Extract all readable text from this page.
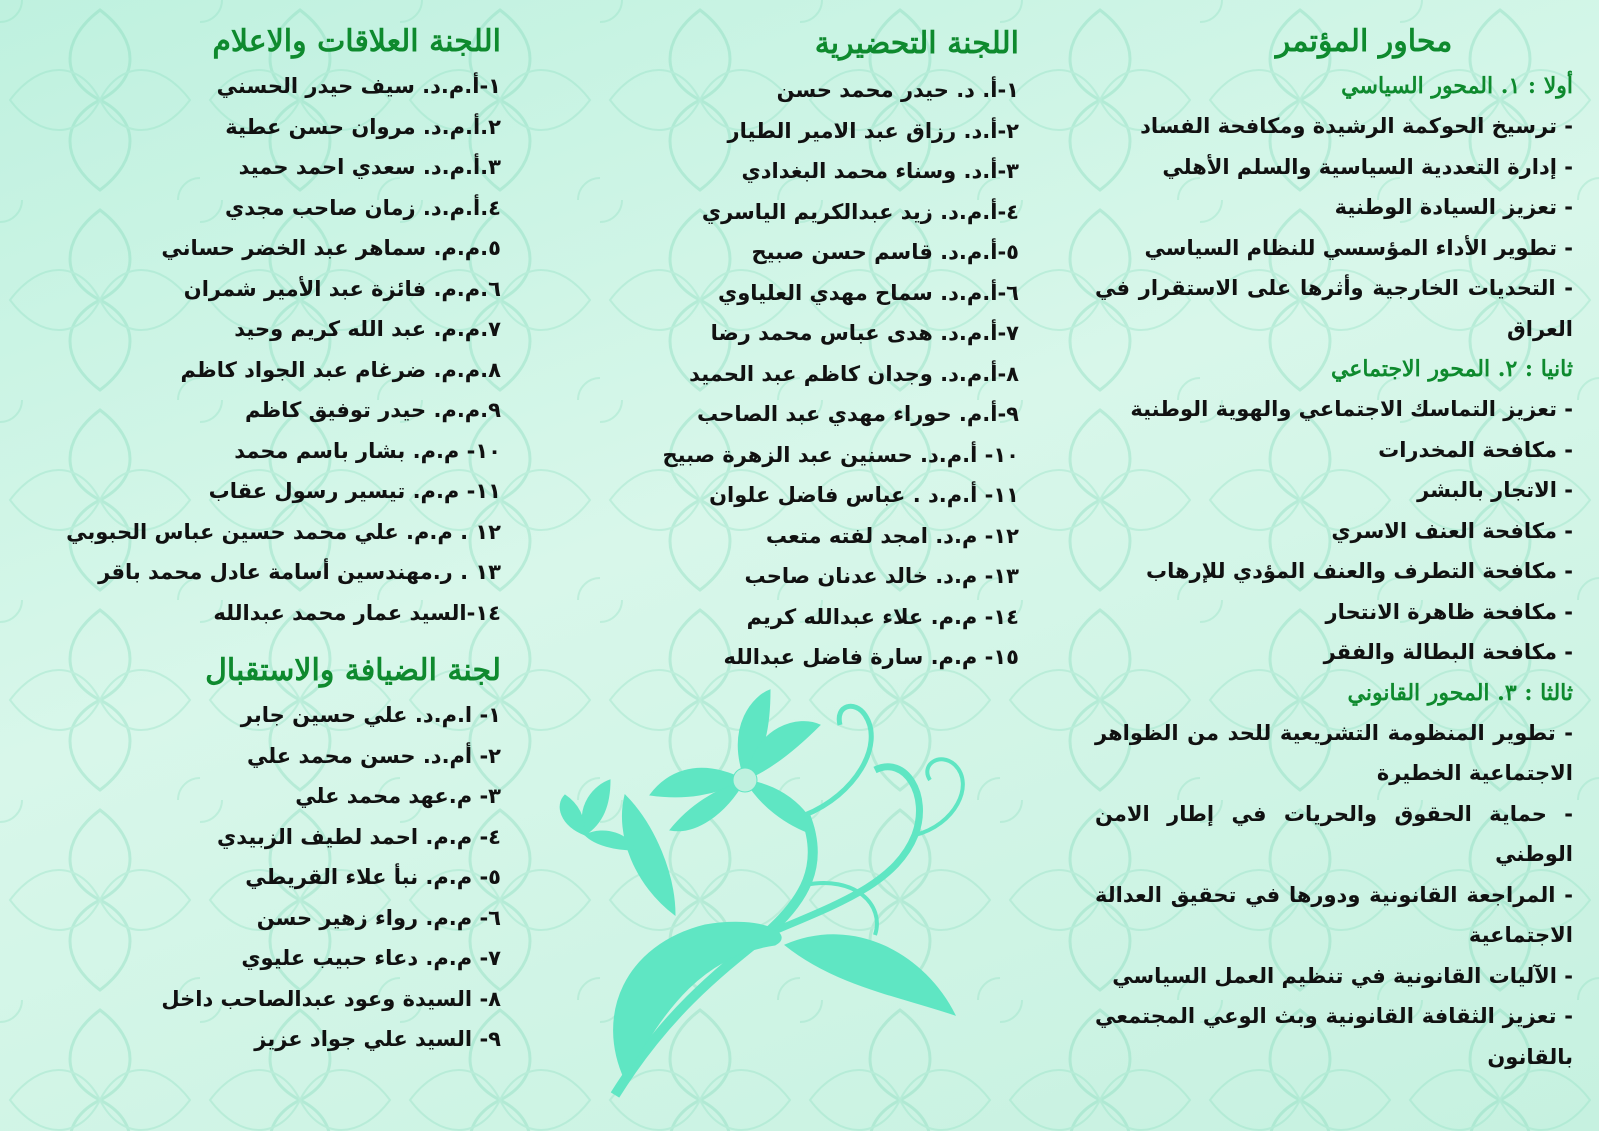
محاور المؤتمر
أولا : ١. المحور السياسي
- ترسيخ الحوكمة الرشيدة ومكافحة الفساد
- إدارة التعددية السياسية والسلم الأهلي
- تعزيز السيادة الوطنية
- تطوير الأداء المؤسسي للنظام السياسي
- التحديات الخارجية وأثرها على الاستقرار في العراق
ثانيا : ٢. المحور الاجتماعي
- تعزيز التماسك الاجتماعي والهوية الوطنية
- مكافحة المخدرات
- الاتجار بالبشر
- مكافحة العنف الاسري
- مكافحة التطرف والعنف المؤدي للإرهاب
- مكافحة ظاهرة الانتحار
- مكافحة البطالة والفقر
ثالثا : ٣. المحور القانوني
- تطوير المنظومة التشريعية للحد من الظواهر الاجتماعية الخطيرة
- حماية الحقوق والحريات في إطار الامن الوطني
- المراجعة القانونية ودورها في تحقيق العدالة الاجتماعية
- الآليات القانونية في تنظيم العمل السياسي
- تعزيز الثقافة القانونية وبث الوعي المجتمعي بالقانون
اللجنة التحضيرية
١-أ. د. حيدر محمد حسن
٢-أ.د. رزاق عبد الامير الطيار
٣-أ.د. وسناء محمد البغدادي
٤-أ.م.د. زيد عبدالكريم الياسري
٥-أ.م.د. قاسم حسن صبيح
٦-أ.م.د. سماح مهدي العلياوي
٧-أ.م.د. هدى عباس محمد رضا
٨-أ.م.د. وجدان كاظم عبد الحميد
٩-أ.م. حوراء مهدي عبد الصاحب
١٠- أ.م.د. حسنين عبد الزهرة صبيح
١١- أ.م.د . عباس فاضل علوان
١٢- م.د. امجد لفته متعب
١٣- م.د. خالد عدنان صاحب
١٤- م.م. علاء عبدالله كريم
١٥- م.م. سارة فاضل عبدالله
اللجنة العلاقات والاعلام
١-أ.م.د. سيف حيدر الحسني
٢.أ.م.د. مروان حسن عطية
٣.أ.م.د. سعدي احمد حميد
٤.أ.م.د. زمان صاحب مجدي
٥.م.م. سماهر عبد الخضر حساني
٦.م.م. فائزة عبد الأمير شمران
٧.م.م. عبد الله كريم وحيد
٨.م.م. ضرغام عبد الجواد كاظم
٩.م.م. حيدر توفيق كاظم
١٠- م.م. بشار باسم محمد
١١- م.م. تيسير رسول عقاب
١٢ . م.م. علي محمد حسين عباس الحبوبي
١٣ . ر.مهندسين أسامة عادل محمد باقر
١٤-السيد عمار محمد عبدالله
لجنة الضيافة والاستقبال
١- ا.م.د. علي حسين جابر
٢- أم.د. حسن محمد علي
٣- م.عهد محمد علي
٤- م.م. احمد لطيف الزبيدي
٥- م.م. نبأ علاء القريطي
٦- م.م. رواء زهير حسن
٧- م.م. دعاء حبيب عليوي
٨- السيدة وعود عبدالصاحب داخل
٩- السيد علي جواد عزيز
